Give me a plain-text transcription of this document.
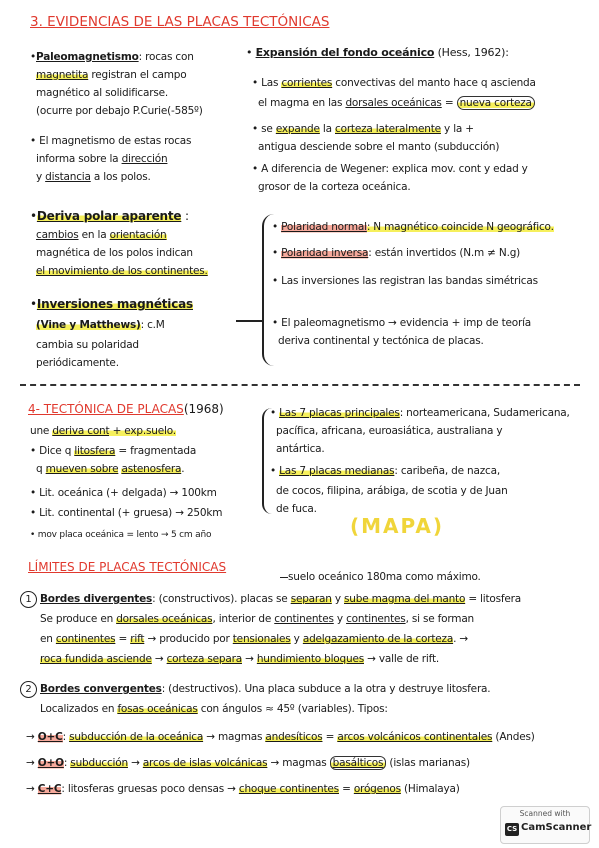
3. EVIDENCIAS DE LAS PLACAS TECTÓNICAS
•Paleomagnetismo: rocas con
magnetita registran el campo
magnético al solidificarse.
(ocurre por debajo P.Curie(-585º)
• El magnetismo de estas rocas
informa sobre la dirección
y distancia a los polos.
•Deriva polar aparente :
cambios en la orientación
magnética de los polos indican
el movimiento de los continentes.
•Inversiones magnéticas
(Vine y Matthews): c.M
cambia su polaridad
periódicamente.
• Expansión del fondo oceánico (Hess, 1962):
• Las corrientes convectivas del manto hace q ascienda
el magma en las dorsales oceánicas = nueva corteza
• se expande la corteza lateralmente y la +
antigua desciende sobre el manto (subducción)
• A diferencia de Wegener: explica mov. cont y edad y
grosor de la corteza oceánica.
• Polaridad normal: N magnético coincide N geográfico.
• Polaridad inversa: están invertidos (N.m ≠ N.g)
• Las inversiones las registran las bandas simétricas
• El paleomagnetismo → evidencia + imp de teoría
deriva continental y tectónica de placas.
4- TECTÓNICA DE PLACAS(1968)
une deriva cont + exp.suelo.
• Dice q litosfera = fragmentada
q mueven sobre astenosfera.
• Lit. oceánica (+ delgada) → 100km
• Lit. continental (+ gruesa) → 250km
• mov placa oceánica = lento → 5 cm año
• Las 7 placas principales: norteamericana, Sudamericana,
pacífica, africana, euroasiática, australiana y
antártica.
• Las 7 placas medianas: caribeña, de nazca,
de cocos, filipina, arábiga, de scotia y de Juan
de fuca.
(MAPA)
LÍMITES DE PLACAS TECTÓNICAS
suelo oceánico 180ma como máximo.
1 Bordes divergentes: (constructivos). placas se separan y sube magma del manto = litosfera
Se produce en dorsales oceánicas, interior de continentes y continentes, si se forman
en continentes = rift → producido por tensionales y adelgazamiento de la corteza. →
roca fundida asciende → corteza separa → hundimiento bloques → valle de rift.
2 Bordes convergentes: (destructivos). Una placa subduce a la otra y destruye litosfera.
Localizados en fosas oceánicas con ángulos ≈ 45º (variables). Tipos:
→ O+C: subducción de la oceánica → magmas andesíticos = arcos volcánicos continentales (Andes)
→ O+O: subducción → arcos de islas volcánicas → magmas basálticos (islas marianas)
→ C+C: litosferas gruesas poco densas → choque continentes = orógenos (Himalaya)
Scanned with
CS CamScanner
